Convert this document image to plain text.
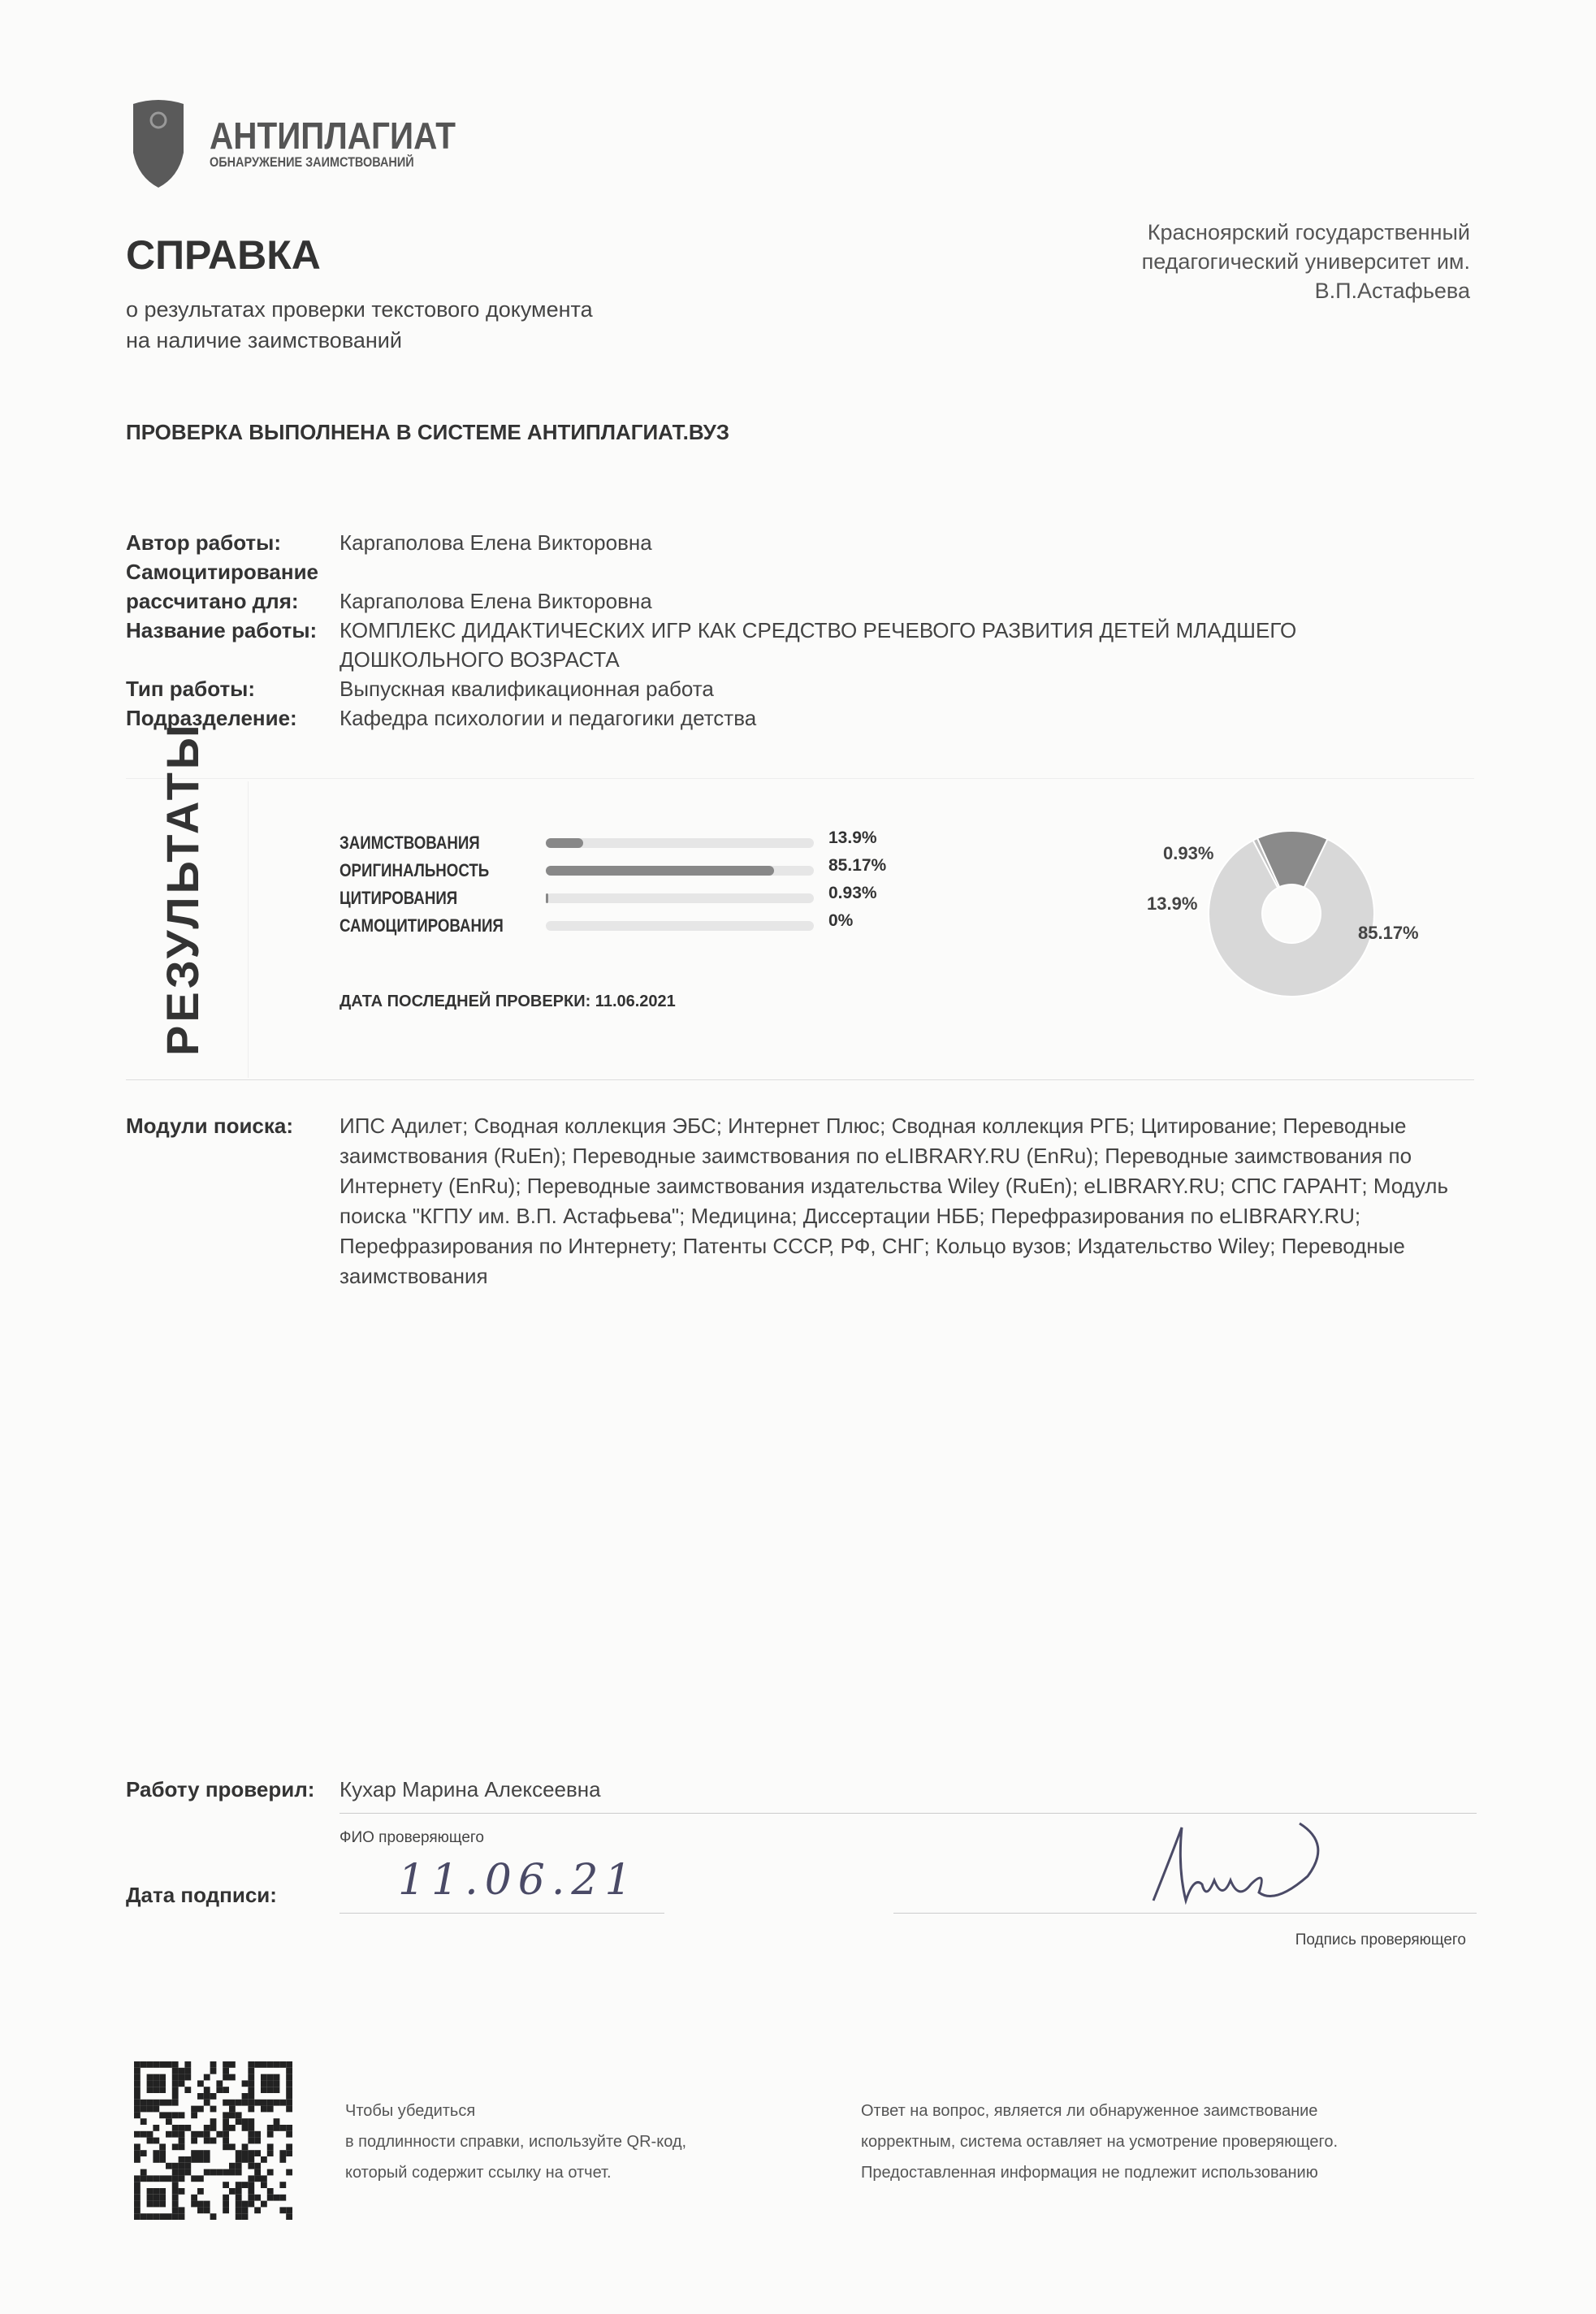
АНТИПЛАГИАТ
ОБНАРУЖЕНИЕ ЗАИМСТВОВАНИЙ
СПРАВКА
о результатах проверки текстового документа
на наличие заимствований
Красноярский государственный
педагогический университет им.
В.П.Астафьева
ПРОВЕРКА ВЫПОЛНЕНА В СИСТЕМЕ АНТИПЛАГИАТ.ВУЗ
Автор работы:	Каргаполова Елена Викторовна
Самоцитирование
рассчитано для:	Каргаполова Елена Викторовна
Название работы:	КОМПЛЕКС ДИДАКТИЧЕСКИХ ИГР КАК СРЕДСТВО РЕЧЕВОГО РАЗВИТИЯ ДЕТЕЙ МЛАДШЕГО ДОШКОЛЬНОГО ВОЗРАСТА
Тип работы:	Выпускная квалификационная работа
Подразделение:	Кафедра психологии и педагогики детства
РЕЗУЛЬТАТЫ	ЗАИМСТВОВАНИЯ	13.9%
ОРИГИНАЛЬНОСТЬ	85.17%
ЦИТИРОВАНИЯ	0.93%
САМОЦИТИРОВАНИЯ	0%
ДАТА ПОСЛЕДНЕЙ ПРОВЕРКИ: 11.06.2021
0.93%
13.9%
85.17%
Модули поиска:	ИПС Адилет; Сводная коллекция ЭБС; Интернет Плюс; Сводная коллекция РГБ; Цитирование; Переводные заимствования (RuEn); Переводные заимствования по eLIBRARY.RU (EnRu); Переводные заимствования по Интернету (EnRu); Переводные заимствования издательства Wiley (RuEn); eLIBRARY.RU; СПС ГАРАНТ; Модуль поиска "КГПУ им. В.П. Астафьева"; Медицина; Диссертации НББ; Перефразирования по eLIBRARY.RU; Перефразирования по Интернету; Патенты СССР, РФ, СНГ; Кольцо вузов; Издательство Wiley; Переводные заимствования
Работу проверил:	Кухар Марина Алексеевна
ФИО проверяющего
Дата подписи:	11.06.21
Подпись проверяющего
Чтобы убедиться
в подлинности справки, используйте QR-код,
который содержит ссылку на отчет.
Ответ на вопрос, является ли обнаруженное заимствование
корректным, система оставляет на усмотрение проверяющего.
Предоставленная информация не подлежит использованию
